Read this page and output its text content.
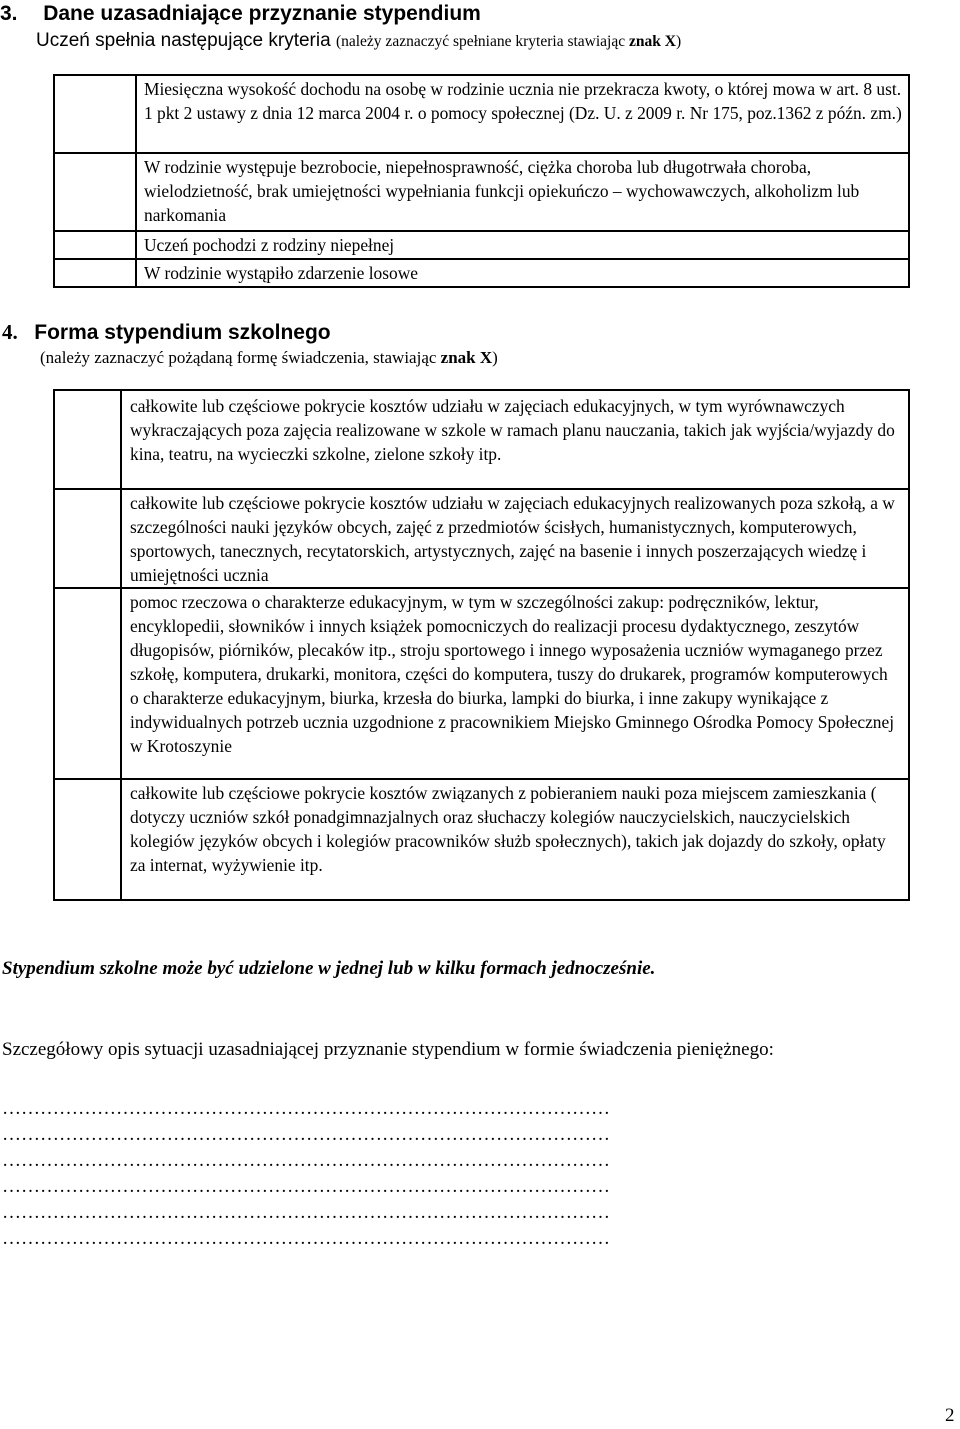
3. Dane uzasadniające przyznanie stypendium
Uczeń spełnia następujące kryteria (należy zaznaczyć spełniane kryteria stawiając znak X)

	Miesięczna wysokość dochodu na osobę w rodzinie ucznia nie przekracza kwoty, o której mowa w art. 8 ust. 1 pkt 2 ustawy z dnia 12 marca 2004 r. o pomocy społecznej (Dz. U. z 2009 r. Nr 175, poz.1362 z późn. zm.)

	W rodzinie występuje bezrobocie, niepełnosprawność, ciężka choroba lub długotrwała choroba, wielodzietność, brak umiejętności wypełniania funkcji opiekuńczo – wychowawczych, alkoholizm lub narkomania

	Uczeń pochodzi z rodziny niepełnej

	W rodzinie wystąpiło zdarzenie losowe
4. Forma stypendium szkolnego
(należy zaznaczyć pożądaną formę świadczenia, stawiając znak X)

	całkowite lub częściowe pokrycie kosztów udziału w zajęciach edukacyjnych, w tym wyrównawczych wykraczających poza zajęcia realizowane w szkole w ramach planu nauczania, takich jak wyjścia/wyjazdy do kina, teatru, na wycieczki szkolne, zielone szkoły itp.

	całkowite lub częściowe pokrycie kosztów udziału w zajęciach edukacyjnych realizowanych poza szkołą, a w szczególności nauki języków obcych, zajęć z przedmiotów ścisłych, humanistycznych, komputerowych, sportowych, tanecznych, recytatorskich, artystycznych, zajęć na basenie i innych poszerzających wiedzę i umiejętności ucznia

	pomoc rzeczowa o charakterze edukacyjnym, w tym w szczególności zakup: podręczników, lektur, encyklopedii, słowników i innych książek pomocniczych do realizacji procesu dydaktycznego, zeszytów długopisów, piórników, plecaków itp., stroju sportowego i innego wyposażenia uczniów wymaganego przez szkołę, komputera, drukarki, monitora, części do komputera, tuszy do drukarek, programów komputerowych o charakterze edukacyjnym, biurka, krzesła do biurka, lampki do biurka, i inne zakupy wynikające z indywidualnych potrzeb ucznia uzgodnione z pracownikiem Miejsko Gminnego Ośrodka Pomocy Społecznej w Krotoszynie

	całkowite lub częściowe pokrycie kosztów związanych z pobieraniem nauki poza miejscem zamieszkania ( dotyczy uczniów szkół ponadgimnazjalnych oraz słuchaczy kolegiów nauczycielskich, nauczycielskich kolegiów języków obcych i kolegiów pracowników służb społecznych), takich jak dojazdy do szkoły, opłaty za internat, wyżywienie itp.
Stypendium szkolne może być udzielone w jednej lub w kilku formach jednocześnie.
Szczegółowy opis sytuacji uzasadniającej przyznanie stypendium w formie świadczenia pieniężnego:
……………………………………………………………………………………
……………………………………………………………………………………
……………………………………………………………………………………
……………………………………………………………………………………
……………………………………………………………………………………
……………………………………………………………………………………
2
